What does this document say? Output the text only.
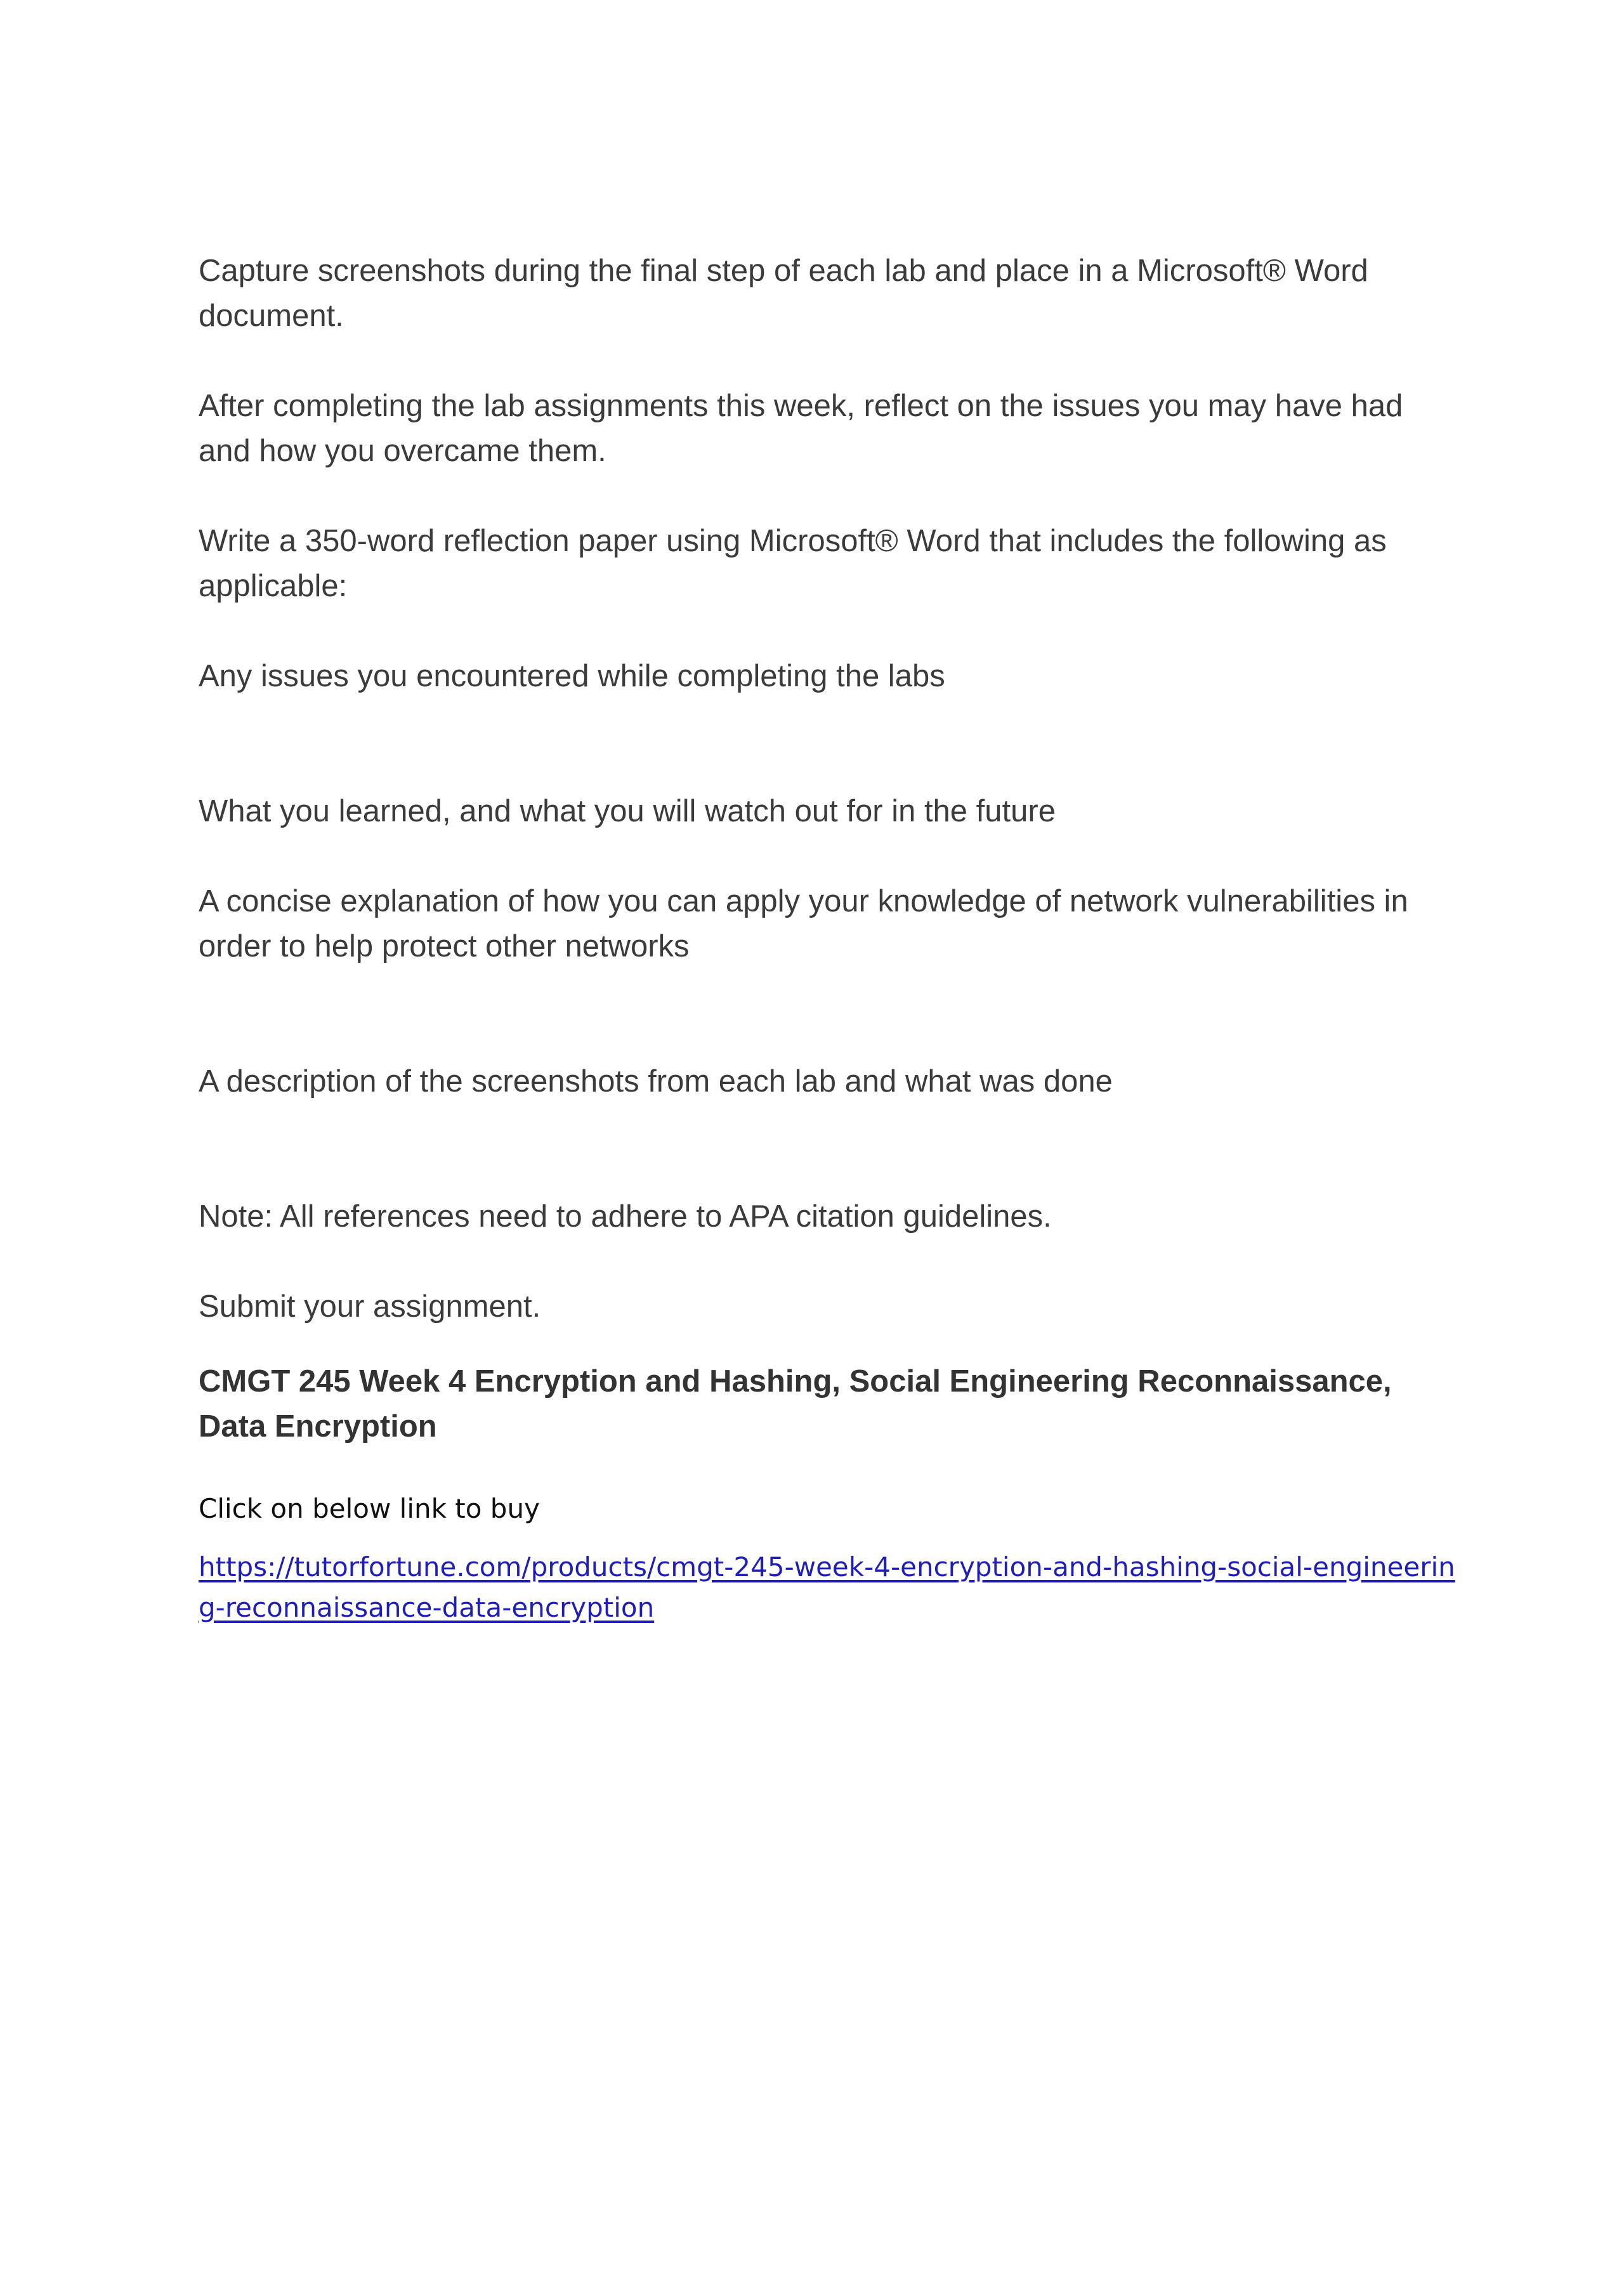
Capture screenshots during the final step of each lab and place in a Microsoft® Word document.

After completing the lab assignments this week, reflect on the issues you may have had and how you overcame them.

Write a 350-word reflection paper using Microsoft® Word that includes the following as applicable:

Any issues you encountered while completing the labs

What you learned, and what you will watch out for in the future

A concise explanation of how you can apply your knowledge of network vulnerabilities in order to help protect other networks

A description of the screenshots from each lab and what was done

Note: All references need to adhere to APA citation guidelines.

Submit your assignment.

CMGT 245 Week 4 Encryption and Hashing, Social Engineering Reconnaissance, Data Encryption

Click on below link to buy

https://tutorfortune.com/products/cmgt-245-week-4-encryption-and-hashing-social-engineering-reconnaissance-data-encryption
